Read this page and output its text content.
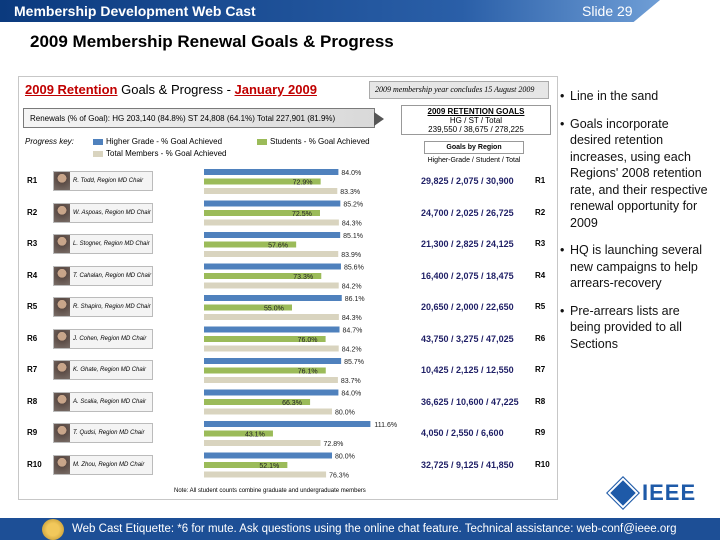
Membership Development Web Cast	Slide 29
2009 Membership Renewal Goals & Progress
2009 Retention Goals & Progress - January 2009	2009 membership year concludes 15 August 2009
Renewals (% of Goal): HG 203,140 (84.8%) ST 24,808 (64.1%) Total 227,901 (81.9%)
Progress key:	Higher Grade - % Goal Achieved	Students - % Goal Achieved
Total Members - % Goal Achieved
2009 RETENTION GOALS
HG / ST / Total
239,550 / 38,675 / 278,225
Goals by Region
Higher-Grade / Student / Total
84.0%
72.9%
83.3%
85.2%
72.5%
84.3%
85.1%
57.6%
83.9%
85.6%
73.3%
84.2%
86.1%
55.0%
84.3%
84.7%
76.0%
84.2%
85.7%
76.1%
83.7%
84.0%
66.3%
80.0%
111.6%
43.1%
72.8%
80.0%
52.1%
76.3%
Note: All student counts combine graduate and undergraduate members
R1	R. Todd, Region MD Chair	29,825 / 2,075 / 30,900	R1
R2	W. Aspoas, Region MD Chair	24,700 / 2,025 / 26,725	R2
R3	L. Stogner, Region MD Chair	21,300 / 2,825 / 24,125	R3
R4	T. Cahalan, Region MD Chair	16,400 / 2,075 / 18,475	R4
R5	R. Shapiro, Region MD Chair	20,650 / 2,000 / 22,650	R5
R6	J. Cohen, Region MD Chair	43,750 / 3,275 / 47,025	R6
R7	K. Ghate, Region MD Chair	10,425 / 2,125 / 12,550	R7
R8	A. Scalia, Region MD Chair	36,625 / 10,600 / 47,225 R8
R9	T. Qudsi, Region MD Chair	4,050 / 2,550 / 6,600	R9
R10	M. Zhou, Region MD Chair	32,725 / 9,125 / 41,850	R10
• Line in the sand
• Goals incorporate desired retention increases, using each Regions' 2008 retention rate, and their respective renewal opportunity for 2009
• HQ is launching several new campaigns to help arrears-recovery
• Pre-arrears lists are being provided to all Sections
IEEE
Web Cast Etiquette: *6 for mute. Ask questions using the online chat feature. Technical assistance: web-conf@ieee.org
